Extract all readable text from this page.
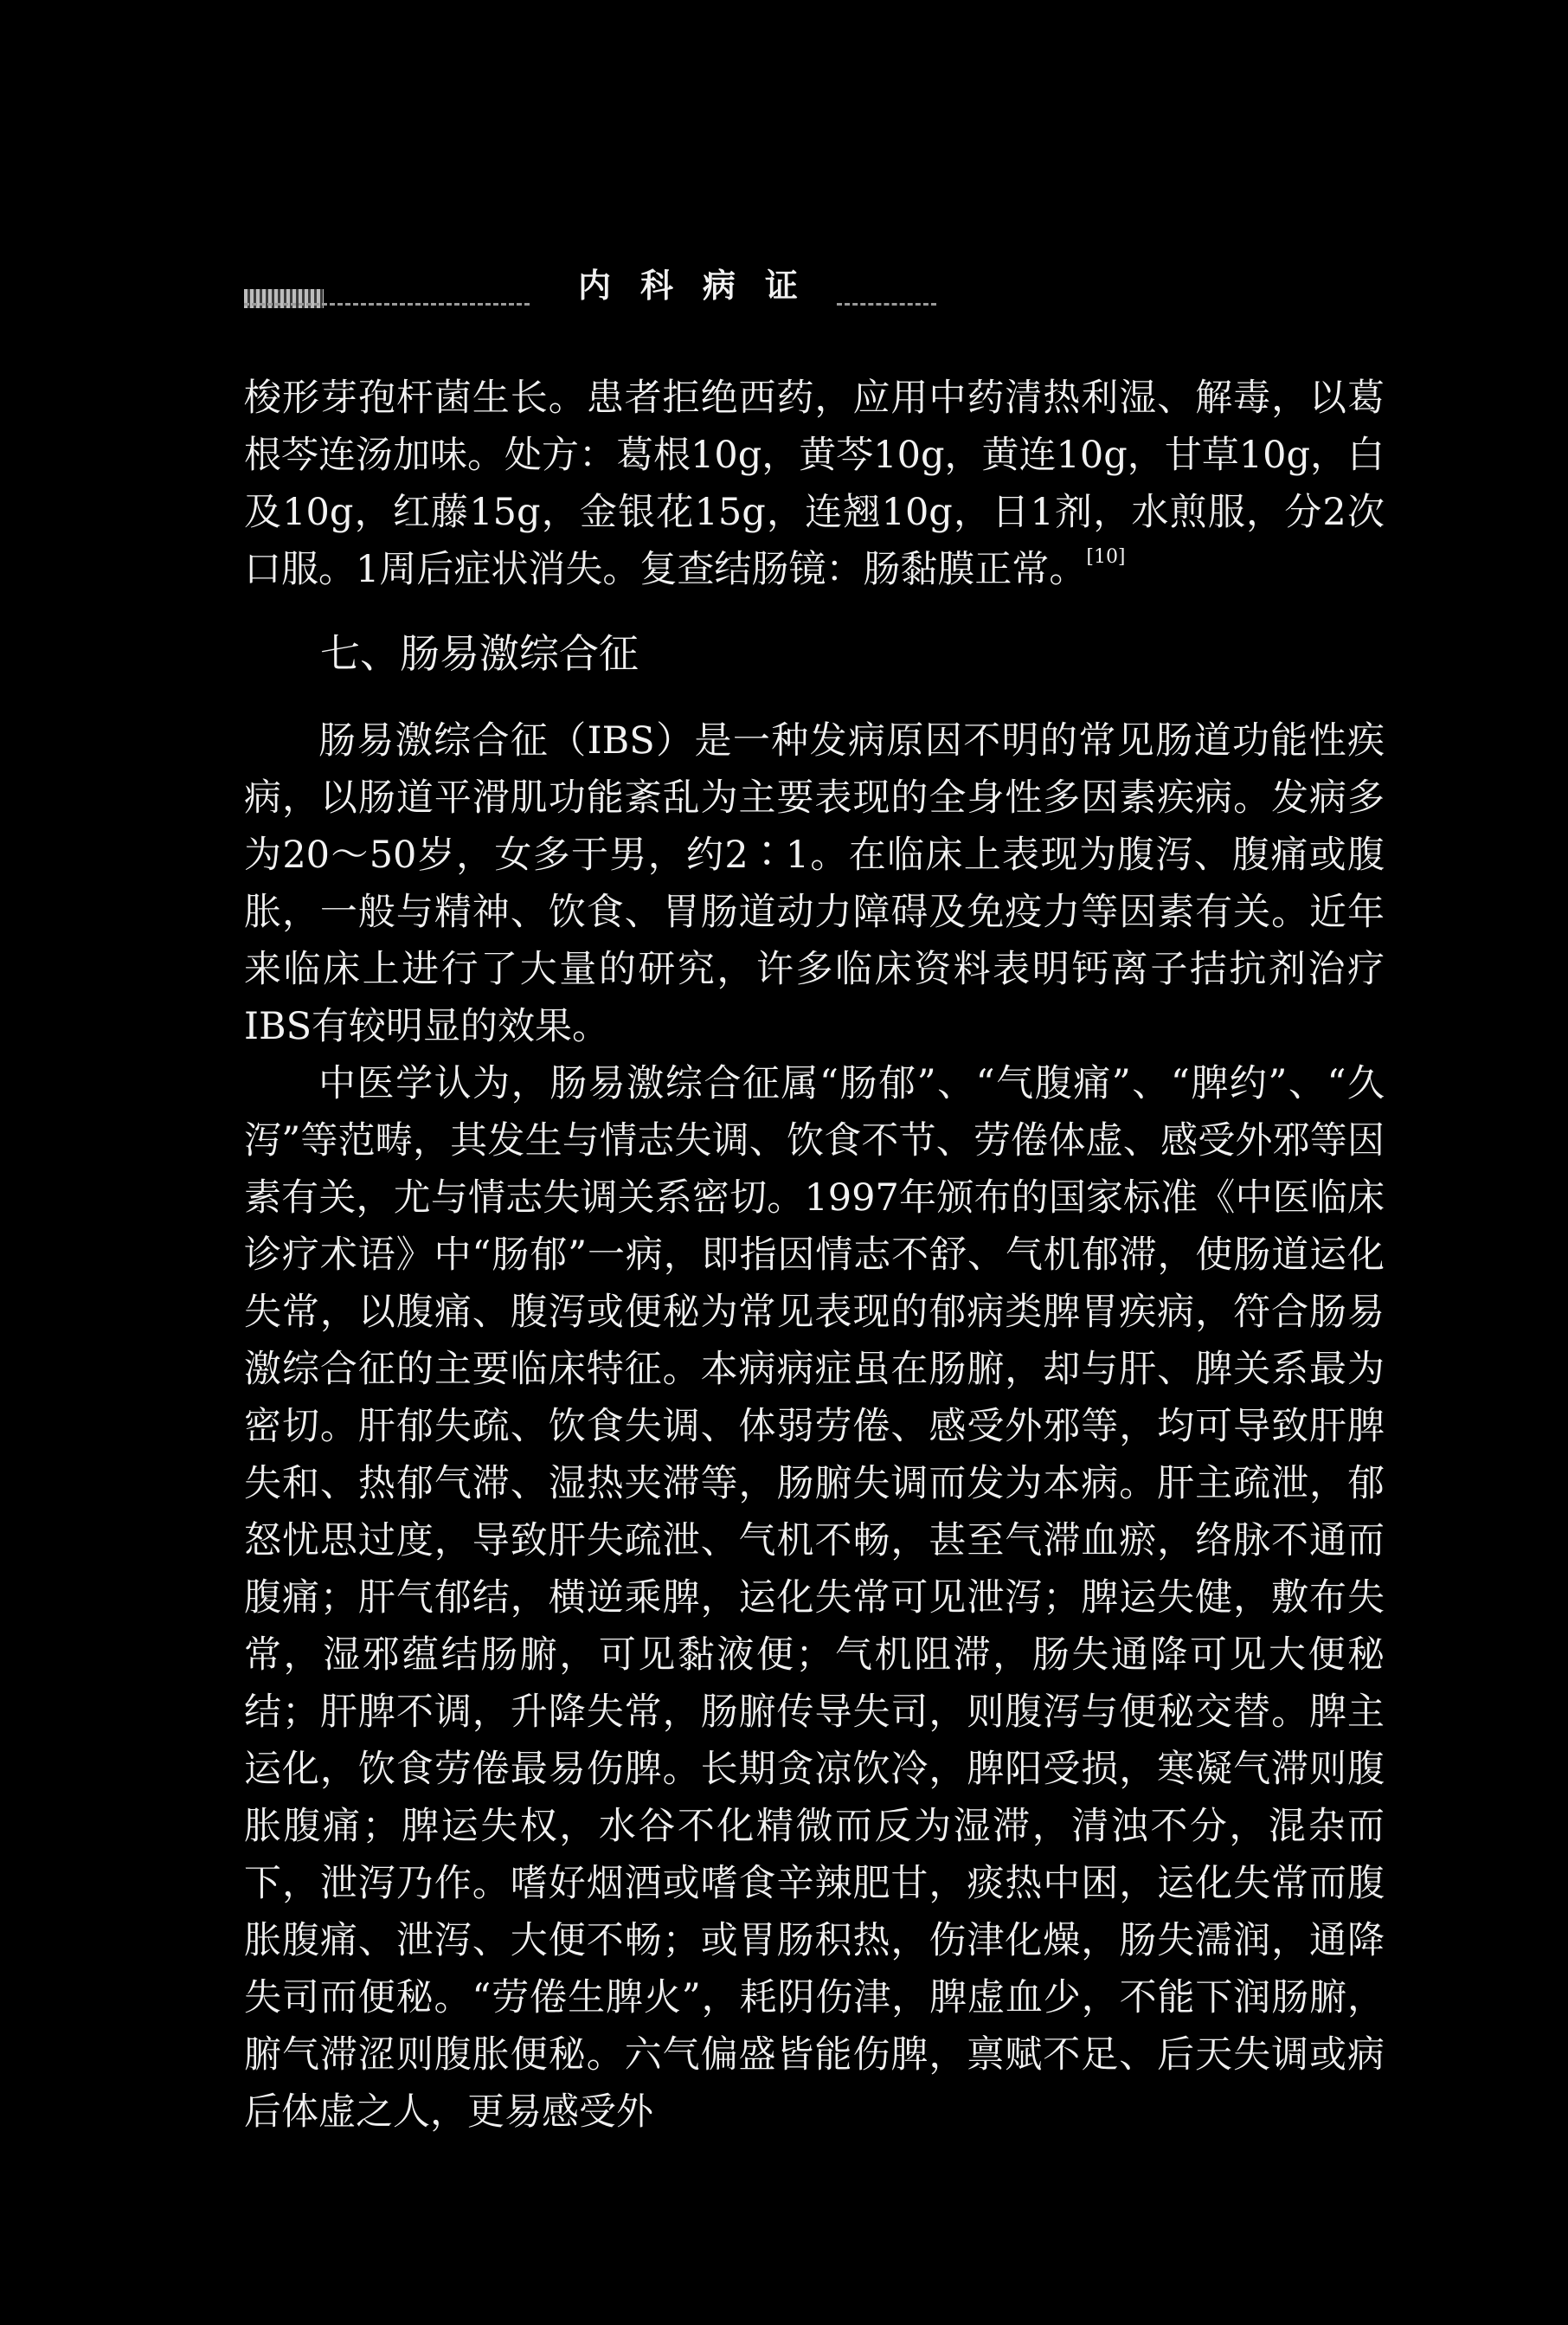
内科病证

梭形芽孢杆菌生长。患者拒绝西药，应用中药清热利湿、解毒，以葛根芩连汤加味。处方：葛根10g，黄芩10g，黄连10g，甘草10g，白及10g，红藤15g，金银花15g，连翘10g，日1剂，水煎服，分2次口服。1周后症状消失。复查结肠镜：肠黏膜正常。[10]

七、肠易激综合征

肠易激综合征（IBS）是一种发病原因不明的常见肠道功能性疾病，以肠道平滑肌功能紊乱为主要表现的全身性多因素疾病。发病多为20～50岁，女多于男，约2∶1。在临床上表现为腹泻、腹痛或腹胀，一般与精神、饮食、胃肠道动力障碍及免疫力等因素有关。近年来临床上进行了大量的研究，许多临床资料表明钙离子拮抗剂治疗IBS有较明显的效果。

中医学认为，肠易激综合征属“肠郁”、“气腹痛”、“脾约”、“久泻”等范畴，其发生与情志失调、饮食不节、劳倦体虚、感受外邪等因素有关，尤与情志失调关系密切。1997年颁布的国家标准《中医临床诊疗术语》中“肠郁”一病，即指因情志不舒、气机郁滞，使肠道运化失常，以腹痛、腹泻或便秘为常见表现的郁病类脾胃疾病，符合肠易激综合征的主要临床特征。本病病症虽在肠腑，却与肝、脾关系最为密切。肝郁失疏、饮食失调、体弱劳倦、感受外邪等，均可导致肝脾失和、热郁气滞、湿热夹滞等，肠腑失调而发为本病。肝主疏泄，郁怒忧思过度，导致肝失疏泄、气机不畅，甚至气滞血瘀，络脉不通而腹痛；肝气郁结，横逆乘脾，运化失常可见泄泻；脾运失健，敷布失常，湿邪蕴结肠腑，可见黏液便；气机阻滞，肠失通降可见大便秘结；肝脾不调，升降失常，肠腑传导失司，则腹泻与便秘交替。脾主运化，饮食劳倦最易伤脾。长期贪凉饮冷，脾阳受损，寒凝气滞则腹胀腹痛；脾运失权，水谷不化精微而反为湿滞，清浊不分，混杂而下，泄泻乃作。嗜好烟酒或嗜食辛辣肥甘，痰热中困，运化失常而腹胀腹痛、泄泻、大便不畅；或胃肠积热，伤津化燥，肠失濡润，通降失司而便秘。“劳倦生脾火”，耗阴伤津，脾虚血少，不能下润肠腑，腑气滞涩则腹胀便秘。六气偏盛皆能伤脾，禀赋不足、后天失调或病后体虚之人，更易感受外
